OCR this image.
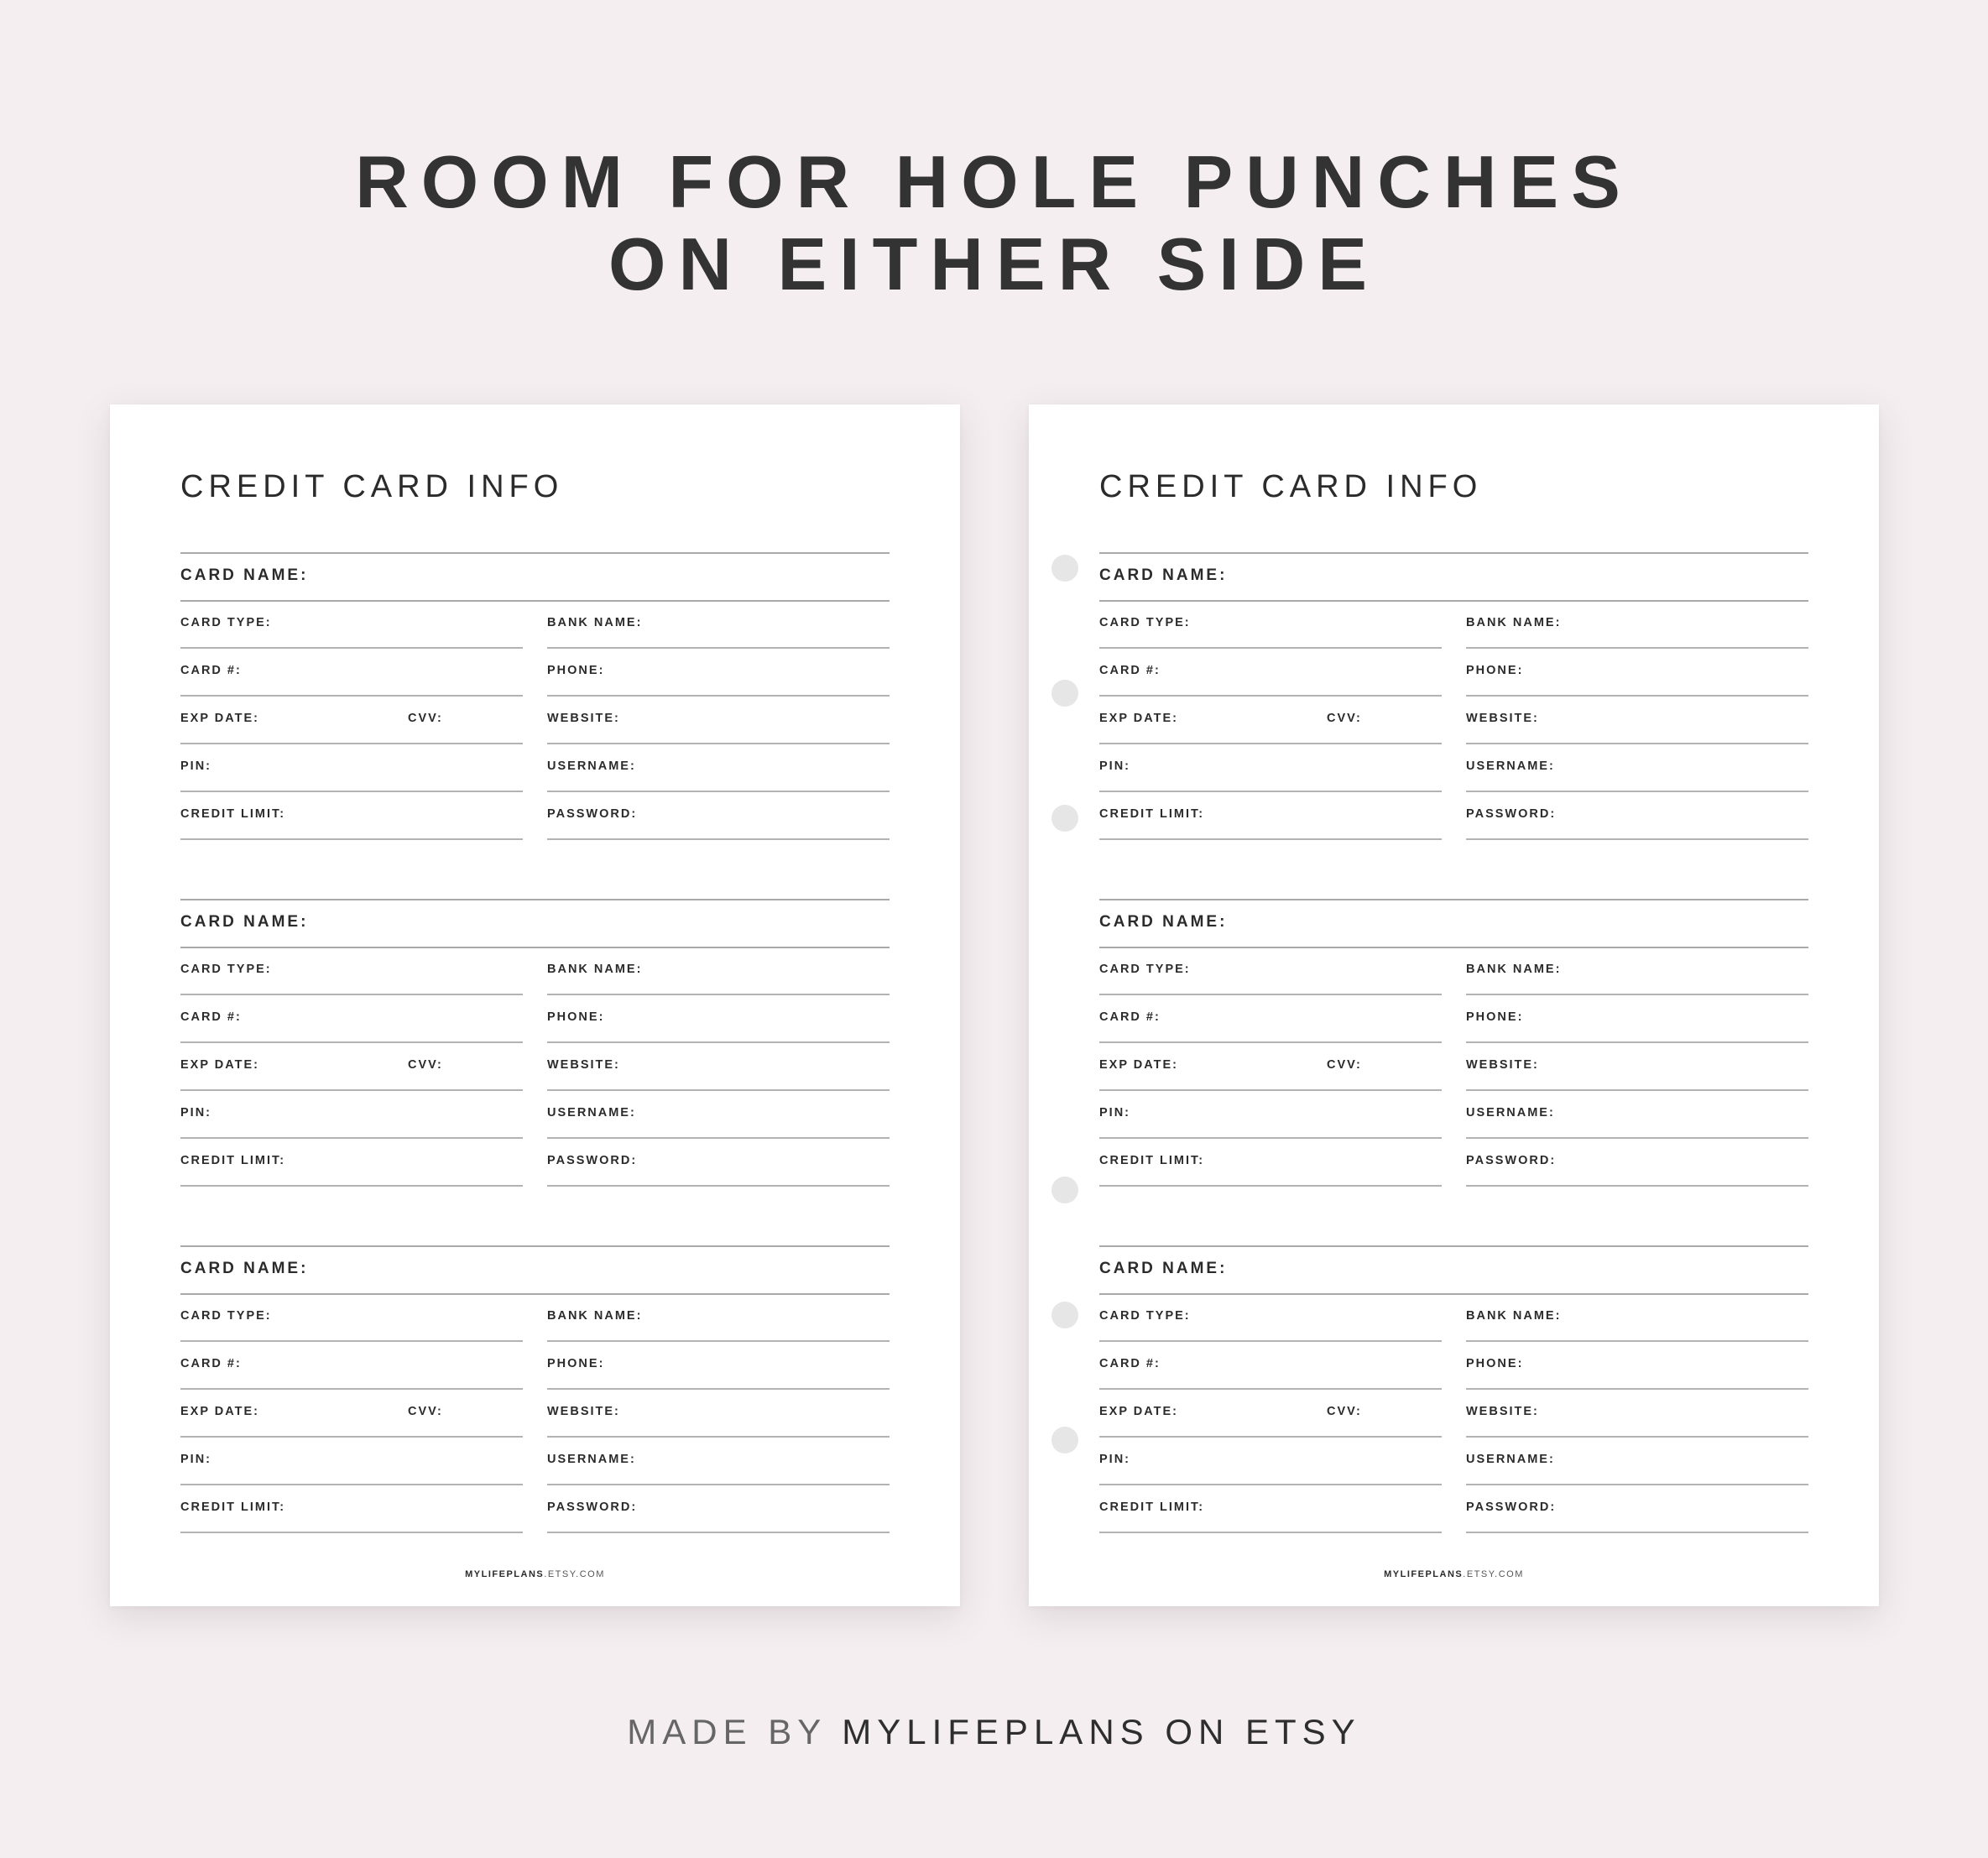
ROOM FOR HOLE PUNCHES
ON EITHER SIDE
CREDIT CARD INFO
CARD NAME:
CARD TYPE:	BANK NAME:
CARD #:	PHONE:
EXP DATE:	CVV:	WEBSITE:
PIN:	USERNAME:
CREDIT LIMIT:	PASSWORD:
CARD NAME:
CARD TYPE:	BANK NAME:
CARD #:	PHONE:
EXP DATE:	CVV:	WEBSITE:
PIN:	USERNAME:
CREDIT LIMIT:	PASSWORD:
CARD NAME:
CARD TYPE:	BANK NAME:
CARD #:	PHONE:
EXP DATE:	CVV:	WEBSITE:
PIN:	USERNAME:
CREDIT LIMIT:	PASSWORD:
MYLIFEPLANS.ETSY.COM
CREDIT CARD INFO
CARD NAME:
CARD TYPE:	BANK NAME:
CARD #:	PHONE:
EXP DATE:	CVV:	WEBSITE:
PIN:	USERNAME:
CREDIT LIMIT:	PASSWORD:
CARD NAME:
CARD TYPE:	BANK NAME:
CARD #:	PHONE:
EXP DATE:	CVV:	WEBSITE:
PIN:	USERNAME:
CREDIT LIMIT:	PASSWORD:
CARD NAME:
CARD TYPE:	BANK NAME:
CARD #:	PHONE:
EXP DATE:	CVV:	WEBSITE:
PIN:	USERNAME:
CREDIT LIMIT:	PASSWORD:
MYLIFEPLANS.ETSY.COM
MADE BY MYLIFEPLANS ON ETSY
